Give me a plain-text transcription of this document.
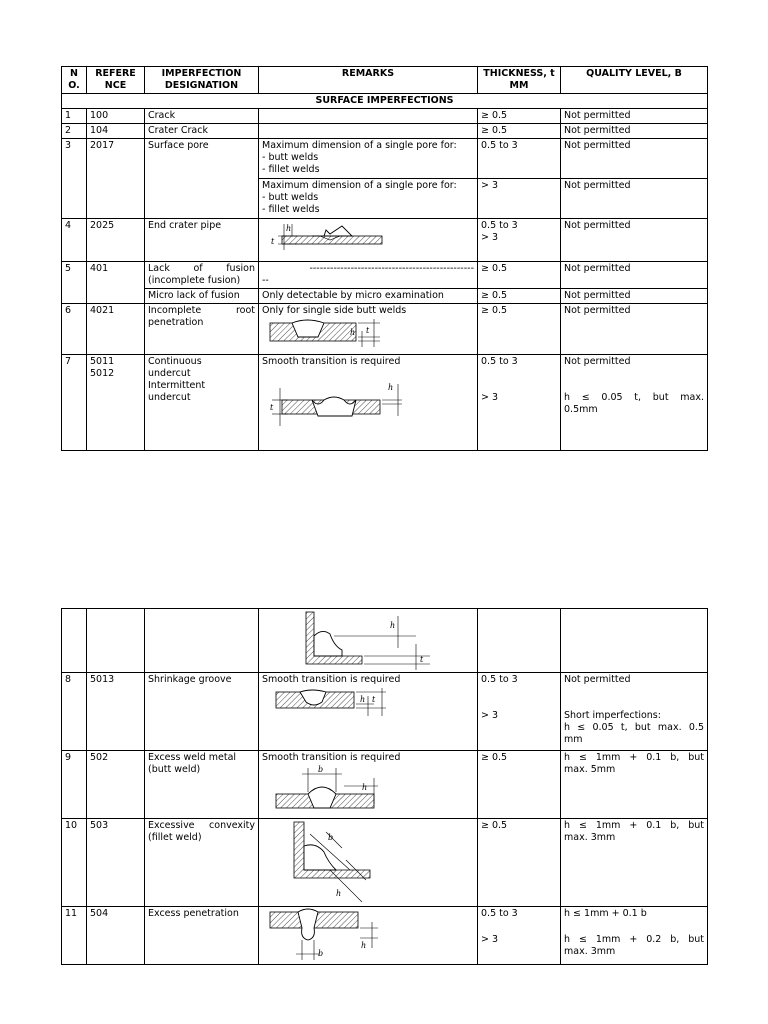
N O.	REFERE NCE	IMPERFECTION DESIGNATION	REMARKS	THICKNESS, t MM	QUALITY LEVEL, B
SURFACE IMPERFECTIONS					
1	100	Crack		≥ 0.5	Not permitted
2	104	Crater Crack		≥ 0.5	Not permitted
3	2017	Surface pore	Maximum dimension of a single pore for:
- butt welds
- fillet welds	0.5 to 3	Not permitted

			Maximum dimension of a single pore for:
- butt welds
- fillet welds	> 3	Not permitted
4	2025	End crater pipe	h
t	0.5 to 3
> 3	Not permitted
5	401	Lack of fusion
(incomplete fusion)	------------------------------------------------
--	≥ 0.5	Not permitted
		Micro lack of fusion	Only detectable by micro examination	≥ 0.5	Not permitted
6	4021	Incomplete root
penetration	Only for single side butt welds
h t	≥ 0.5	Not permitted
7	5011
5012	Continuous
undercut
Intermittent
undercut	Smooth transition is required
t
h	0.5 to 3
> 3	Not permitted
h ≤ 0.05 t, but max.
0.5mm

h
t		

8	5013	Shrinkage groove	Smooth transition is required
h t	0.5 to 3
> 3	Not permitted
Short imperfections:
h ≤ 0.05 t, but max. 0.5
mm

9	502	Excess weld metal
(butt weld)	Smooth transition is required
b
h	≥ 0.5	h ≤ 1mm + 0.1 b, but
max. 5mm

10	503	Excessive convexity
(fillet weld)	b
h	≥ 0.5	h ≤ 1mm + 0.1 b, but
max. 3mm

11	504	Excess penetration	b
h	0.5 to 3
> 3	h ≤ 1mm + 0.1 b
h ≤ 1mm + 0.2 b, but
max. 3mm
